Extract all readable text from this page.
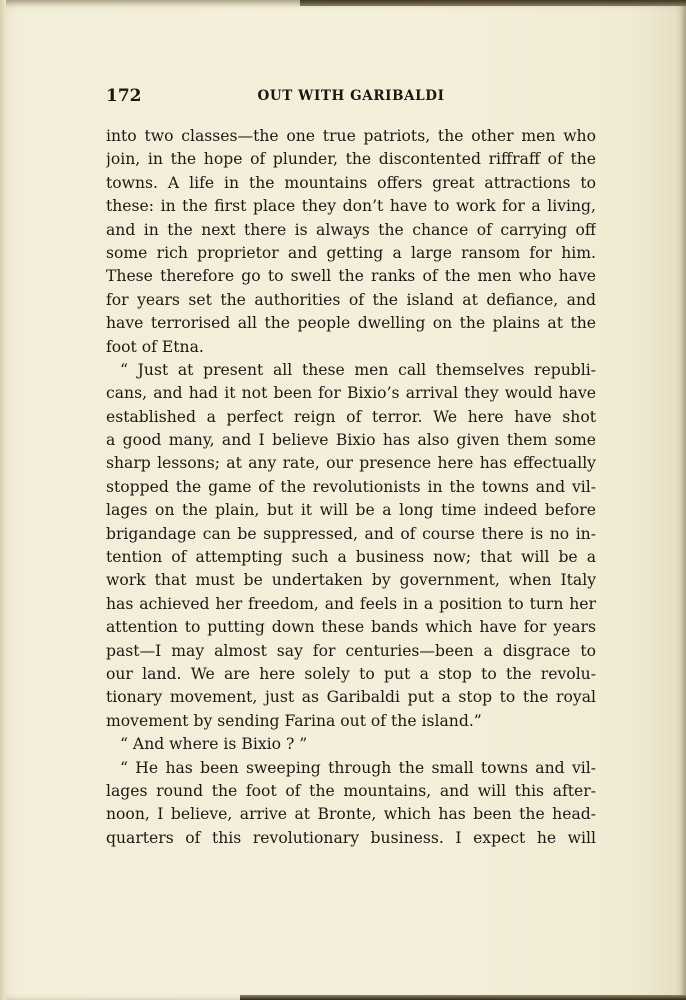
172	OUT WITH GARIBALDI
into two classes—the one true patriots, the other men who
join, in the hope of plunder, the discontented riffraff of the
towns. A life in the mountains offers great attractions to
these: in the first place they don’t have to work for a living,
and in the next there is always the chance of carrying off
some rich proprietor and getting a large ransom for him.
These therefore go to swell the ranks of the men who have
for years set the authorities of the island at defiance, and
have terrorised all the people dwelling on the plains at the
foot of Etna.
“ Just at present all these men call themselves republi-
cans, and had it not been for Bixio’s arrival they would have
established a perfect reign of terror. We here have shot
a good many, and I believe Bixio has also given them some
sharp lessons; at any rate, our presence here has effectually
stopped the game of the revolutionists in the towns and vil-
lages on the plain, but it will be a long time indeed before
brigandage can be suppressed, and of course there is no in-
tention of attempting such a business now; that will be a
work that must be undertaken by government, when Italy
has achieved her freedom, and feels in a position to turn her
attention to putting down these bands which have for years
past—I may almost say for centuries—been a disgrace to
our land. We are here solely to put a stop to the revolu-
tionary movement, just as Garibaldi put a stop to the royal
movement by sending Farina out of the island.”
“ And where is Bixio ? ”
“ He has been sweeping through the small towns and vil-
lages round the foot of the mountains, and will this after-
noon, I believe, arrive at Bronte, which has been the head-
quarters of this revolutionary business. I expect he will
